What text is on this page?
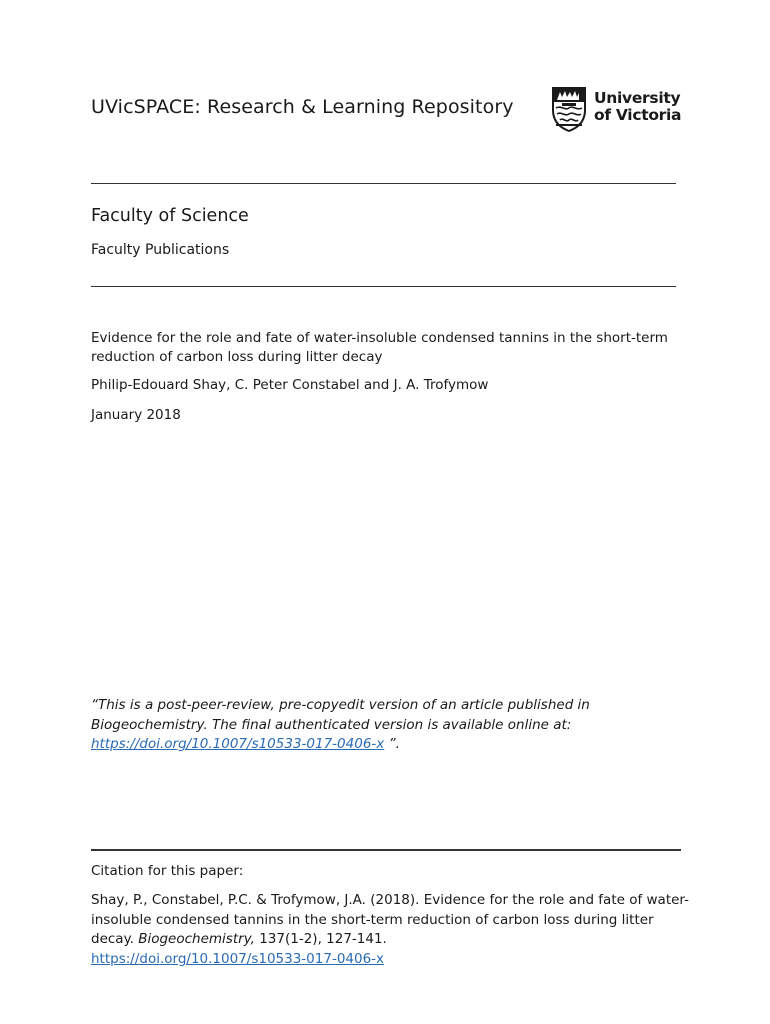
UVicSPACE: Research & Learning Repository	University
of Victoria
Faculty of Science
Faculty Publications
Evidence for the role and fate of water-insoluble condensed tannins in the short-term reduction of carbon loss during litter decay
Philip-Edouard Shay, C. Peter Constabel and J. A. Trofymow
January 2018
“This is a post-peer-review, pre-copyedit version of an article published in Biogeochemistry. The final authenticated version is available online at: https://doi.org/10.1007/s10533-017-0406-x ”.
Citation for this paper:
Shay, P., Constabel, P.C. & Trofymow, J.A. (2018). Evidence for the role and fate of water-insoluble condensed tannins in the short-term reduction of carbon loss during litter decay. Biogeochemistry, 137(1-2), 127-141.
https://doi.org/10.1007/s10533-017-0406-x
